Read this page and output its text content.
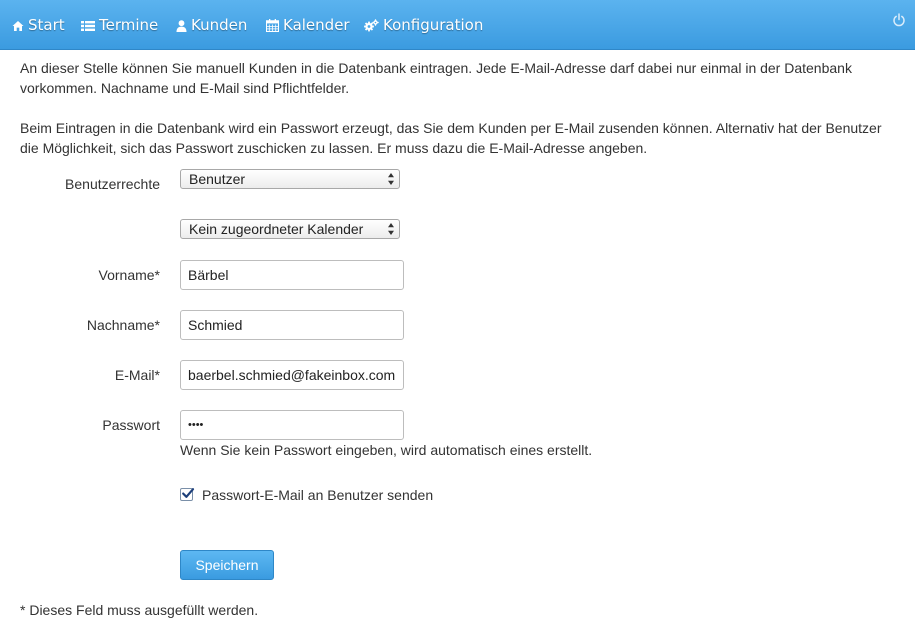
Start	Termine	Kunden	Kalender	Konfiguration

An dieser Stelle können Sie manuell Kunden in die Datenbank eintragen. Jede E-Mail-Adresse darf dabei nur einmal in der Datenbank vorkommen. Nachname und E-Mail sind Pflichtfelder.

Beim Eintragen in die Datenbank wird ein Passwort erzeugt, das Sie dem Kunden per E-Mail zusenden können. Alternativ hat der Benutzer die Möglichkeit, sich das Passwort zuschicken zu lassen. Er muss dazu die E-Mail-Adresse angeben.

Benutzerrechte	Benutzer
Kein zugeordneter Kalender
Vorname*	Bärbel
Nachname*	Schmied
E-Mail*	baerbel.schmied@fakeinbox.com
Passwort	••••
Wenn Sie kein Passwort eingeben, wird automatisch eines erstellt.
Passwort-E-Mail an Benutzer senden
Speichern
* Dieses Feld muss ausgefüllt werden.
